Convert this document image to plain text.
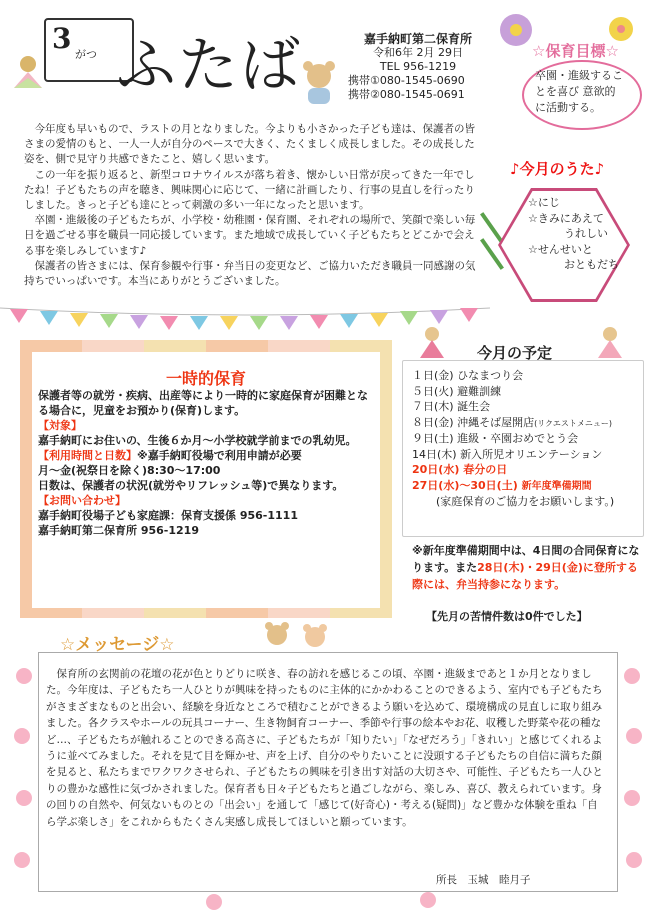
3 がつ ふたば	嘉手納町第二保育所
令和6年 2月 29日
TEL 956-1219
携帯①080-1545-0690
携帯②080-1545-0691
☆保育目標☆
卒園・進級するこ
とを喜び 意欲的
に活動する。

今年度も早いもので、ラストの月となりました。今よりも小さかった子ども達は、保護者の皆さまの愛情のもと、一人一人が自分のペースで大きく、たくましく成長しました。その成長した姿を、側で見守り共感できたこと、嬉しく思います。

この一年を振り返ると、新型コロナウイルスが落ち着き、懐かしい日常が戻ってきた一年でしたね！子どもたちの声を聴き、興味関心に応じて、一緒に計画したり、行事の見直しを行ったりしました。きっと子ども達にとって刺激の多い一年になったと思います。

卒園・進級後の子どもたちが、小学校・幼稚園・保育園、それぞれの場所で、笑顔で楽しい毎日を過ごせる事を職員一同応援しています。また地域で成長していく子どもたちとどこかで会える事を楽しみしています♪

保護者の皆さまには、保育参観や行事・弁当日の変更など、ご協力いただき職員一同感謝の気持ちでいっぱいです。本当にありがとうございました。

♪今月のうた♪
☆にじ
☆きみにあえて
うれしい
☆せんせいと
おともだち
一時的保育

保護者等の就労・疾病、出産等により一時的に家庭保育が困難となる場合に，児童をお預かり(保育)します。

【対象】

嘉手納町にお住いの、生後６か月～小学校就学前までの乳幼児。

【利用時間と日数】※嘉手納町役場で利用申請が必要

月～金(祝祭日を除く)8:30～17:00

日数は、保護者の状況(就労やリフレッシュ等)で異なります。

【お問い合わせ】

嘉手納町役場子ども家庭課：保育支援係 956-1111

嘉手納町第二保育所 956-1219

今月の予定
１日(金) ひなまつり会
５日(火) 避難訓練
７日(木) 誕生会
８日(金) 沖縄そば屋開店(リクエストメニュー)
９日(土) 進級・卒園おめでとう会
14日(木) 新入所児オリエンテーション
20日(水) 春分の日
27日(水)～30日(土) 新年度準備期間
(家庭保育のご協力をお願いします。)
※新年度準備期間中は、4日間の合同保育になります。また28日(木)・29日(金)に登所する際には、弁当持参になります。
【先月の苦情件数は0件でした】
☆メッセージ☆

保育所の玄関前の花壇の花が色とりどりに咲き、春の訪れを感じるこの頃、卒園・進級まであと１か月となりました。今年度は、子どもたち一人ひとりが興味を持ったものに主体的にかかわることのできるよう、室内でも子どもたちがさまざまなものと出会い、経験を身近なところで積むことができるよう願いを込めて、環境構成の見直しに取り組みました。各クラスやホールの玩具コーナー、生き物飼育コーナー、季節や行事の絵本やお花、収穫した野菜や花の種など…、子どもたちが触れることのできる高さに、子どもたちが「知りたい」「なぜだろう」「きれい」と感じてくれるように並べてみました。それを見て目を輝かせ、声を上げ、自分のやりたいことに没頭する子どもたちの自信に満ちた顔を見ると、私たちまでワクワクさせられ、子どもたちの興味を引き出す対話の大切さや、可能性、子どもたち一人ひとりの豊かな感性に気づかされました。保育者も日々子どもたちと過ごしながら、楽しみ、喜び、教えられています。身の回りの自然や、何気ないものとの「出会い」を通して「感じて(好奇心)・考える(疑問)」など豊かな体験を重ね「自ら学ぶ楽しさ」をこれからもたくさん実感し成長してほしいと願っています。

所長　玉城　睦月子
